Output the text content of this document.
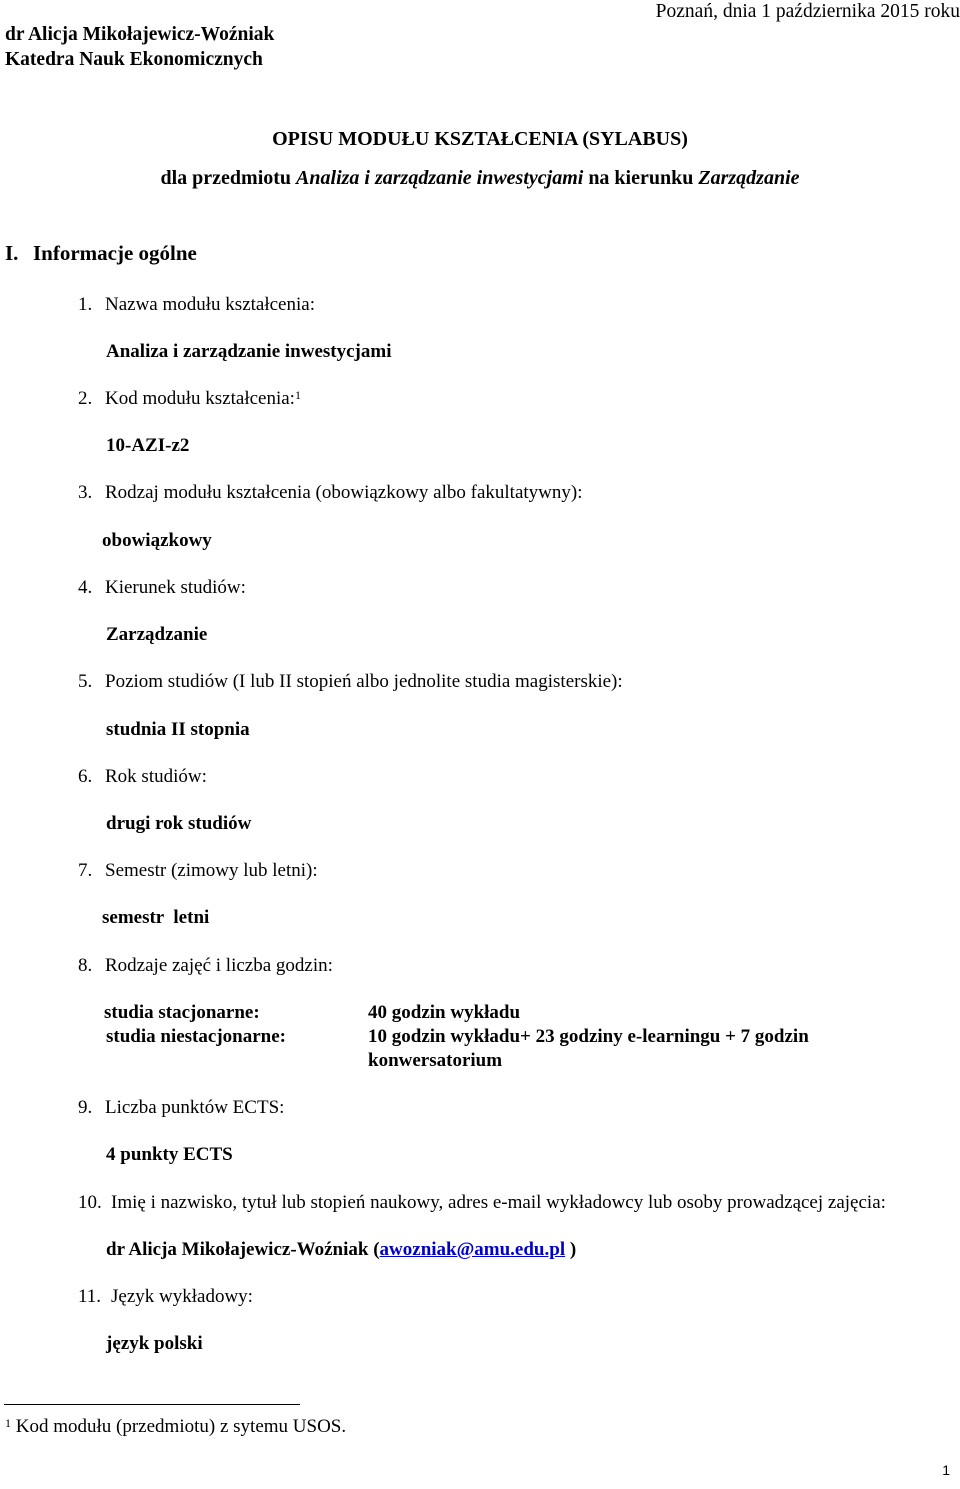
dr Alicja Mikołajewicz-Woźniak
Katedra Nauk Ekonomicznych
Poznań, dnia 1 października 2015 roku
OPISU MODUŁU KSZTAŁCENIA (SYLABUS)
dla przedmiotu Analiza i zarządzanie inwestycjami na kierunku Zarządzanie
I. Informacje ogólne
1. Nazwa modułu kształcenia:
Analiza i zarządzanie inwestycjami
2. Kod modułu kształcenia:$^1$
10-AZI-z2
3. Rodzaj modułu kształcenia (obowiązkowy albo fakultatywny):
obowiązkowy
4. Kierunek studiów:
Zarządzanie
5. Poziom studiów (I lub II stopień albo jednolite studia magisterskie):
studnia II stopnia
6. Rok studiów:
drugi rok studiów
7. Semestr (zimowy lub letni):
semestr  letni
8. Rodzaje zajęć i liczba godzin:
studia stacjonarne:	40 godzin wykładu
studia niestacjonarne:	10 godzin wykładu+ 23 godziny e-learningu + 7 godzin
konwersatorium
9. Liczba punktów ECTS:
4 punkty ECTS
10. Imię i nazwisko, tytuł lub stopień naukowy, adres e-mail wykładowcy lub osoby prowadzącej zajęcia:
dr Alicja Mikołajewicz-Woźniak (awozniak@amu.edu.pl )
11. Język wykładowy:
język polski
$^1$ Kod modułu (przedmiotu) z sytemu USOS.
1
